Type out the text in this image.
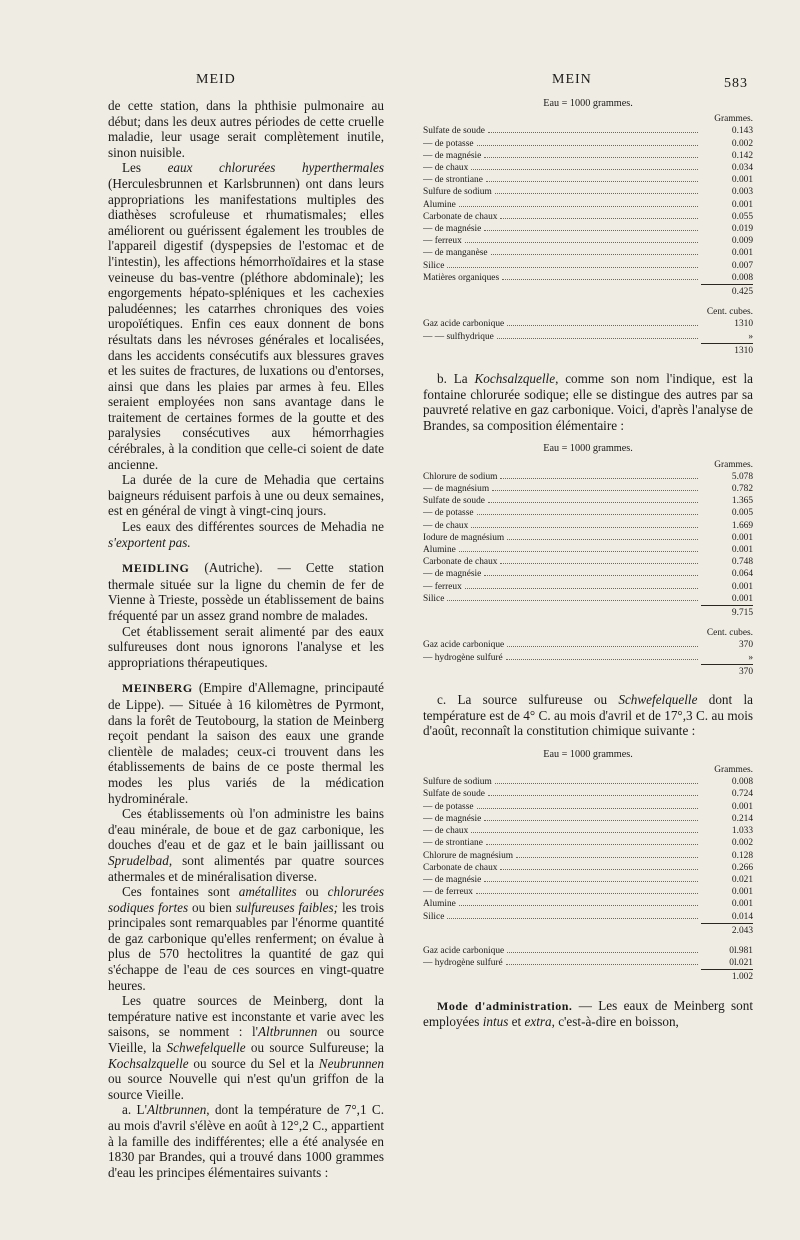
MEID	MEIN	583

de cette station, dans la phthisie pulmonaire au début; dans les deux autres périodes de cette cruelle maladie, leur usage serait complètement inutile, sinon nuisible.

Les eaux chlorurées hyperthermales (Herculesbrunnen et Karlsbrunnen) ont dans leurs appropriations les manifestations multiples des diathèses scrofuleuse et rhumatismales; elles améliorent ou guérissent également les troubles de l'appareil digestif (dyspepsies de l'estomac et de l'intestin), les affections hémorrhoïdaires et la stase veineuse du bas-ventre (pléthore abdominale); les engorgements hépato-spléniques et les cachexies paludéennes; les catarrhes chroniques des voies uropoïétiques. Enfin ces eaux donnent de bons résultats dans les névroses générales et localisées, dans les accidents consécutifs aux blessures graves et les suites de fractures, de luxations ou d'entorses, ainsi que dans les plaies par armes à feu. Elles seraient employées non sans avantage dans le traitement de certaines formes de la goutte et des paralysies consécutives aux hémorrhagies cérébrales, à la condition que celle-ci soient de date ancienne.

La durée de la cure de Mehadia que certains baigneurs réduisent parfois à une ou deux semaines, est en général de vingt à vingt-cinq jours.

Les eaux des différentes sources de Mehadia ne s'exportent pas.

MEIDLING (Autriche). — Cette station thermale située sur la ligne du chemin de fer de Vienne à Trieste, possède un établissement de bains fréquenté par un assez grand nombre de malades.

Cet établissement serait alimenté par des eaux sulfureuses dont nous ignorons l'analyse et les appropriations thérapeutiques.

MEINBERG (Empire d'Allemagne, principauté de Lippe). — Située à 16 kilomètres de Pyrmont, dans la forêt de Teutobourg, la station de Meinberg reçoit pendant la saison des eaux une grande clientèle de malades; ceux-ci trouvent dans les établissements de bains de ce poste thermal les modes les plus variés de la médication hydrominérale.

Ces établissements où l'on administre les bains d'eau minérale, de boue et de gaz carbonique, les douches d'eau et de gaz et le bain jaillissant ou Sprudelbad, sont alimentés par quatre sources athermales et de minéralisation diverse.

Ces fontaines sont amétallites ou chlorurées sodiques fortes ou bien sulfureuses faibles; les trois principales sont remarquables par l'énorme quantité de gaz carbonique qu'elles renferment; on évalue à plus de 570 hectolitres la quantité de gaz qui s'échappe de l'eau de ces sources en vingt-quatre heures.

Les quatre sources de Meinberg, dont la température native est inconstante et varie avec les saisons, se nomment : l'Altbrunnen ou source Vieille, la Schwefelquelle ou source Sulfureuse; la Kochsalzquelle ou source du Sel et la Neubrunnen ou source Nouvelle qui n'est qu'un griffon de la source Vieille.

a. L'Altbrunnen, dont la température de 7°,1 C. au mois d'avril s'élève en août à 12°,2 C., appartient à la famille des indifférentes; elle a été analysée en 1830 par Brandes, qui a trouvé dans 1000 grammes d'eau les principes élémentaires suivants :

Eau = 1000 grammes.
Grammes.
Sulfate de soude	0.143
— de potasse	0.002
— de magnésie	0.142
— de chaux	0.034
— de strontiane	0.001
Sulfure de sodium	0.003
Alumine	0.001
Carbonate de chaux	0.055
— de magnésie	0.019
— ferreux	0.009
— de manganèse	0.001
Silice	0.007
Matières organiques	0.008
0.425
Cent. cubes.
Gaz acide carbonique	1310
— — sulfhydrique	»
1310

b. La Kochsalzquelle, comme son nom l'indique, est la fontaine chlorurée sodique; elle se distingue des autres par sa pauvreté relative en gaz carbonique. Voici, d'après l'analyse de Brandes, sa composition élémentaire :

Eau = 1000 grammes.
Grammes.
Chlorure de sodium	5.078
— de magnésium	0.782
Sulfate de soude	1.365
— de potasse	0.005
— de chaux	1.669
Iodure de magnésium	0.001
Alumine	0.001
Carbonate de chaux	0.748
— de magnésie	0.064
— ferreux	0.001
Silice	0.001
9.715
Cent. cubes.
Gaz acide carbonique	370
— hydrogène sulfuré	»
370

c. La source sulfureuse ou Schwefelquelle dont la température est de 4° C. au mois d'avril et de 17°,3 C. au mois d'août, reconnaît la constitution chimique suivante :

Eau = 1000 grammes.
Grammes.
Sulfure de sodium	0.008
Sulfate de soude	0.724
— de potasse	0.001
— de magnésie	0.214
— de chaux	1.033
— de strontiane	0.002
Chlorure de magnésium	0.128
Carbonate de chaux	0.266
— de magnésie	0.021
— de ferreux	0.001
Alumine	0.001
Silice	0.014
2.043
Gaz acide carbonique	0l.981
— hydrogène sulfuré	0l.021
1.002

Mode d'administration. — Les eaux de Meinberg sont employées intus et extra, c'est-à-dire en boisson,
